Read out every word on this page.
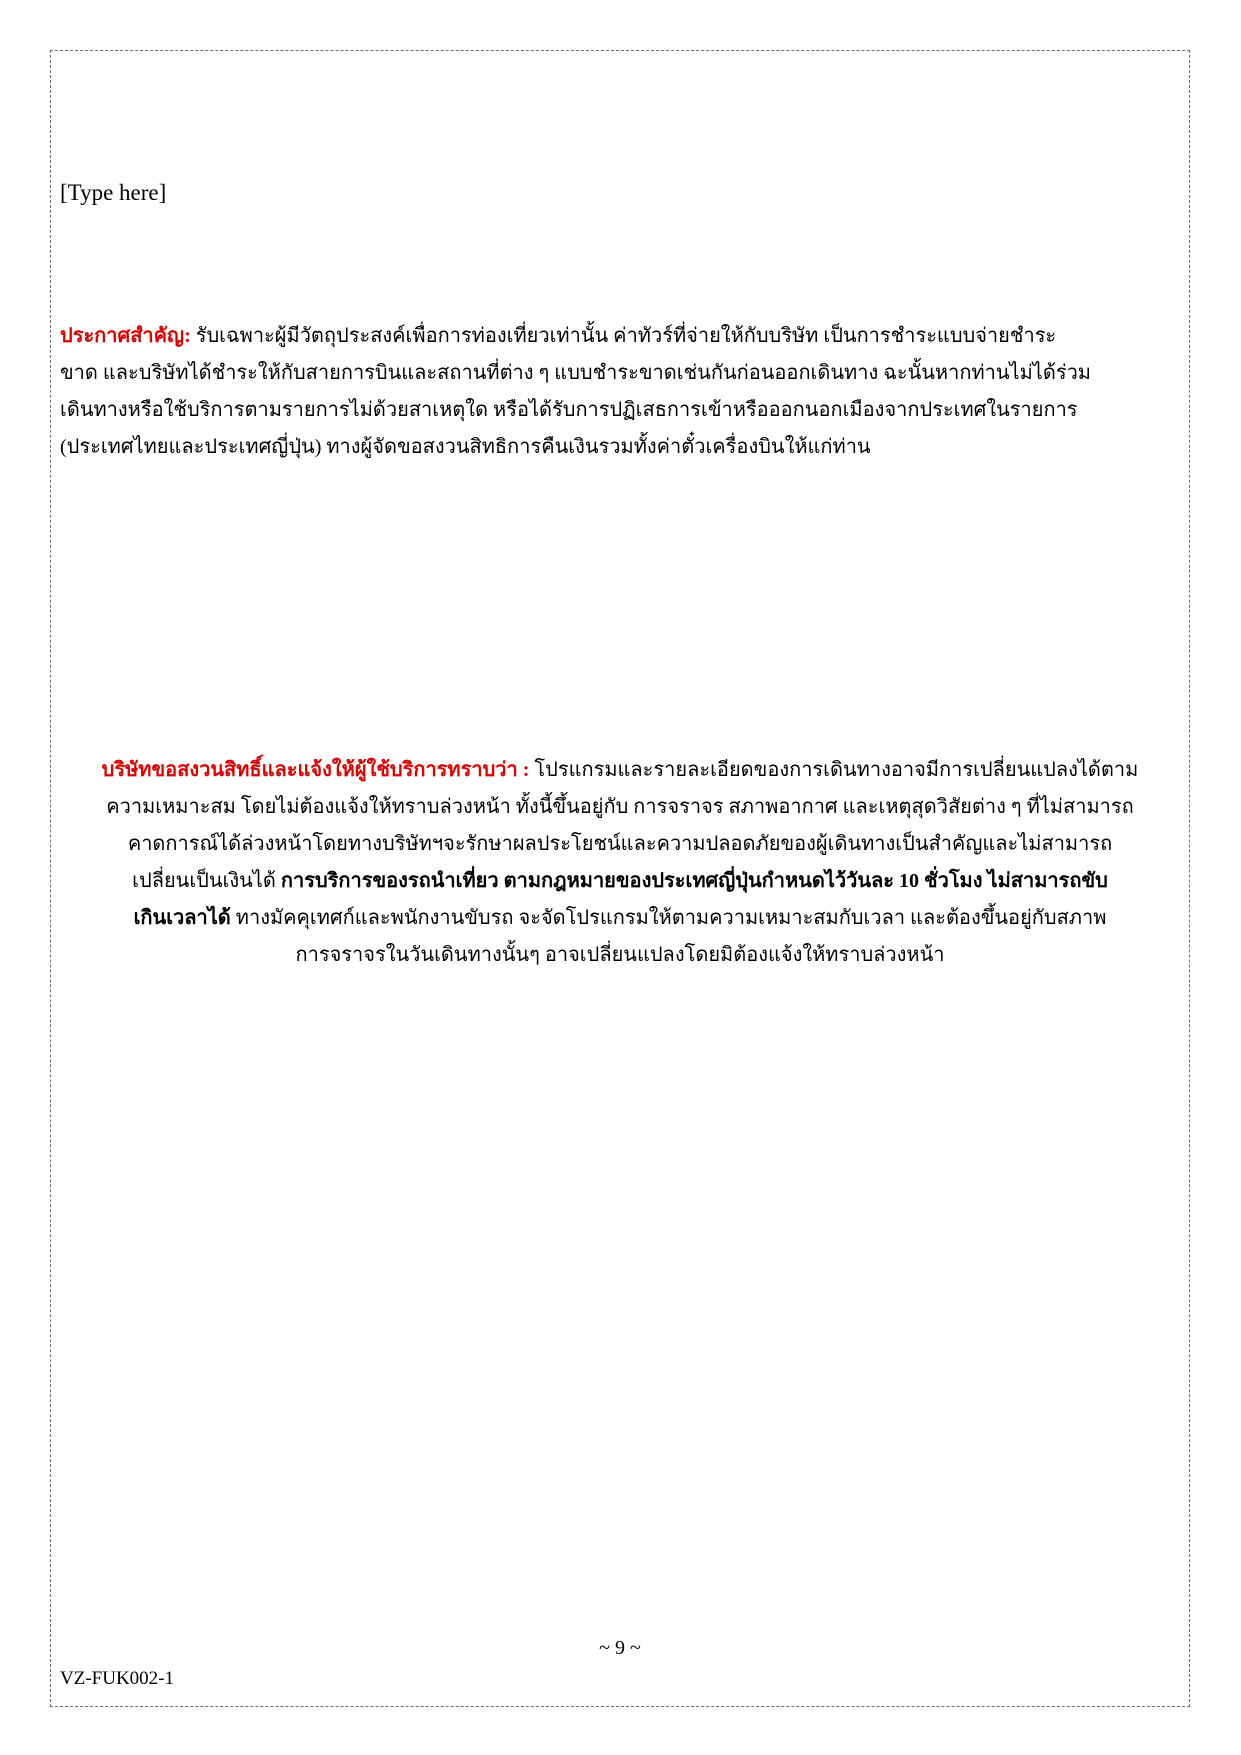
[Type here]
ประกาศสำคัญ: รับเฉพาะผู้มีวัตถุประสงค์เพื่อการท่องเที่ยวเท่านั้น ค่าทัวร์ที่จ่ายให้กับบริษัท เป็นการชำระแบบจ่ายชำระ
ขาด และบริษัทได้ชำระให้กับสายการบินและสถานที่ต่าง ๆ แบบชำระขาดเช่นกันก่อนออกเดินทาง ฉะนั้นหากท่านไม่ได้ร่วม
เดินทางหรือใช้บริการตามรายการไม่ด้วยสาเหตุใด หรือได้รับการปฏิเสธการเข้าหรือออกนอกเมืองจากประเทศในรายการ
(ประเทศไทยและประเทศญี่ปุ่น) ทางผู้จัดขอสงวนสิทธิการคืนเงินรวมทั้งค่าตั๋วเครื่องบินให้แก่ท่าน
บริษัทขอสงวนสิทธิ์และแจ้งให้ผู้ใช้บริการทราบว่า : โปรแกรมและรายละเอียดของการเดินทางอาจมีการเปลี่ยนแปลงได้ตาม
ความเหมาะสม โดยไม่ต้องแจ้งให้ทราบล่วงหน้า ทั้งนี้ขึ้นอยู่กับ การจราจร สภาพอากาศ และเหตุสุดวิสัยต่าง ๆ ที่ไม่สามารถ
คาดการณ์ได้ล่วงหน้าโดยทางบริษัทฯจะรักษาผลประโยชน์และความปลอดภัยของผู้เดินทางเป็นสำคัญและไม่สามารถ
เปลี่ยนเป็นเงินได้ การบริการของรถนำเที่ยว ตามกฎหมายของประเทศญี่ปุ่นกำหนดไว้วันละ 10 ชั่วโมง ไม่สามารถขับ
เกินเวลาได้ ทางมัคคุเทศก์และพนักงานขับรถ จะจัดโปรแกรมให้ตามความเหมาะสมกับเวลา และต้องขึ้นอยู่กับสภาพ
การจราจรในวันเดินทางนั้นๆ อาจเปลี่ยนแปลงโดยมิต้องแจ้งให้ทราบล่วงหน้า
~ 9 ~
VZ-FUK002-1
